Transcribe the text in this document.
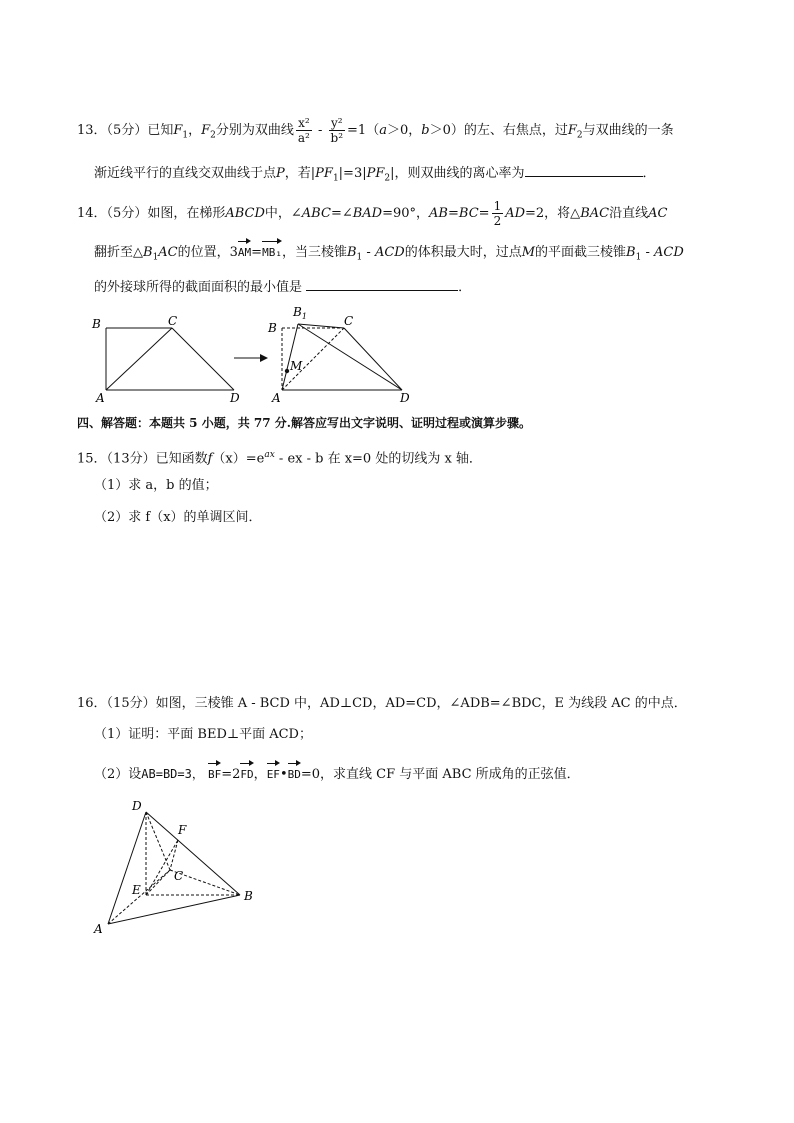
13．（5分）已知$F_1$，$F_2$分别为双曲线 $\frac{\text{x²}}{\text{a²}} - \frac{\text{y²}}{\text{b²}} =1(a>0$，b＞0）的左、右焦点，过$F_2$与双曲线的一条
渐近线平行的直线交双曲线于点P，若$|PF_1|=3|PF_2|$，则双曲线的离心率为	．
14．（5分）如图，在梯形ABCD中，∠ABC=∠BAD=90°，$AB=BC= \frac{1}{2} AD=2$，将△BAC沿直线AC
翻折至$\triangle B_1AC$的位置，3AM=MB₁，当三棱锥$B_1$ - ACD的体积最大时，过点M的平面截三棱锥$B_1$ - ACD
的外接球所得的截面面积的最小值是	．
B	C
A	D
B
$B_1$	C
M
A	D
四、解答题：本题共 5 小题，共 77 分.解答应写出文字说明、证明过程或演算步骤。
15．（13分）已知函数$f(x)=e^{ax}$ - ex - b 在 x=0 处的切线为 x 轴．
（1）求 a，b 的值；
（2）求 f（x）的单调区间．
16．（15分）如图，三棱锥 A - BCD 中，AD⊥CD，AD=CD，∠ADB=∠BDC，E 为线段 AC 的中点．
（1）证明：平面 BED⊥平面 ACD；
（2）设AB=BD=3， BF=2FD，EF•BD=0，求直线 CF 与平面 ABC 所成角的正弦值．
D
F
C
E	B
A
